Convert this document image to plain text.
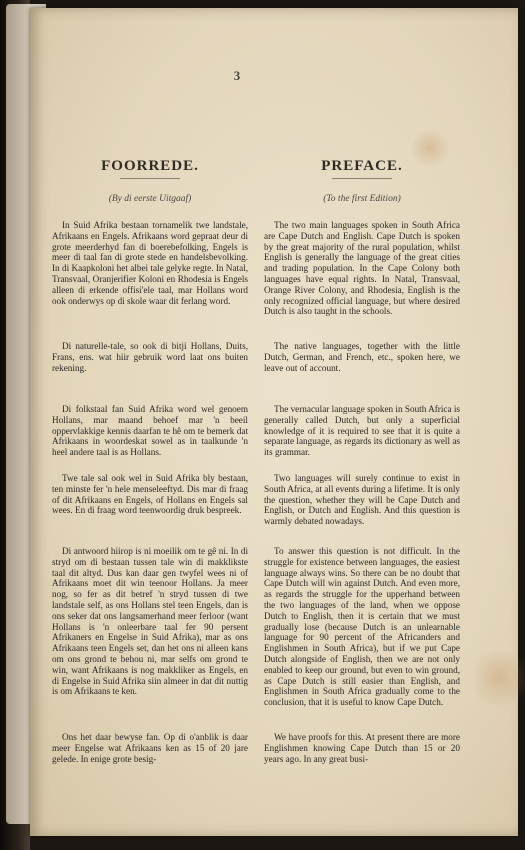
3
FOORREDE.
(By di eerste Uitgaaf)

In Suid Afrika bestaan tornamelik twe landstale, Afrikaans en Engels. Afrikaans word gepraat deur di grote meerderhyd fan di boerebefolking, Engels is meer di taal fan di grote stede en handelsbevolking. In di Kaapkoloni het albei tale gelyke regte. In Natal, Transvaal, Oranjerifier Koloni en Rhodesia is Engels alleen di erkende offisi'ele taal, mar Hollans word ook onderwys op di skole waar dit ferlang word.

Di naturelle-tale, so ook di bitji Hollans, Duits, Frans, ens. wat hiir gebruik word laat ons buiten rekening.

Di folkstaal fan Suid Afrika word wel genoem Hollans, mar maand behoef mar 'n beeil oppervlakkige kennis daarfan te hê om te bemerk dat Afrikaans in woordeskat sowel as in taalkunde 'n heel andere taal is as Hollans.

Twe tale sal ook wel in Suid Afrika bly bestaan, ten minste fer 'n hele menseleeftyd. Dis mar di fraag of dit Afrikaans en Engels, of Hollans en Engels sal wees. En di fraag word teenwoordig druk bespreek.

Di antwoord hiirop is ni moeilik om te gê ni. In di stryd om di bestaan tussen tale win di makklikste taal dit altyd. Dus kan daar gen twyfel wees ni of Afrikaans moet dit win teenoor Hollans. Ja meer nog, so fer as dit betref 'n stryd tussen di twe landstale self, as ons Hollans stel teen Engels, dan is ons seker dat ons langsamerhand meer ferloor (want Hollans is 'n onleerbare taal fer 90 persent Afrikaners en Engelse in Suid Afrika), mar as ons Afrikaans teen Engels set, dan het ons ni alleen kans om ons grond te behou ni, mar selfs om grond te win, want Afrikaans is nog makkliker as Engels, en di Engelse in Suid Afrika siin almeer in dat dit nuttig is om Afrikaans te ken.

Ons het daar bewyse fan. Op di o'anblik is daar meer Engelse wat Afrikaans ken as 15 of 20 jare gelede. In enige grote besig-

PREFACE.
(To the first Edition)

The two main languages spoken in South Africa are Cape Dutch and English. Cape Dutch is spoken by the great majority of the rural population, whilst English is generally the language of the great cities and trading population. In the Cape Colony both languages have equal rights. In Natal, Transvaal, Orange River Colony, and Rhodesia, English is the only recognized official language, but where desired Dutch is also taught in the schools.

The native languages, together with the little Dutch, German, and French, etc., spoken here, we leave out of account.

The vernacular language spoken in South Africa is generally called Dutch, but only a superficial knowledge of it is required to see that it is quite a separate language, as regards its dictionary as well as its grammar.

Two languages will surely continue to exist in South Africa, at all events during a lifetime. It is only the question, whether they will be Cape Dutch and English, or Dutch and English. And this question is warmly debated nowadays.

To answer this question is not difficult. In the struggle for existence between languages, the easiest language always wins. So there can be no doubt that Cape Dutch will win against Dutch. And even more, as regards the struggle for the upperhand between the two languages of the land, when we oppose Dutch to English, then it is certain that we must gradually lose (because Dutch is an unlearnable language for 90 percent of the Africanders and Englishmen in South Africa), but if we put Cape Dutch alongside of English, then we are not only enabled to keep our ground, but even to win ground, as Cape Dutch is still easier than English, and Englishmen in South Africa gradually come to the conclusion, that it is useful to know Cape Dutch.

We have proofs for this. At present there are more Englishmen knowing Cape Dutch than 15 or 20 years ago. In any great busi-
